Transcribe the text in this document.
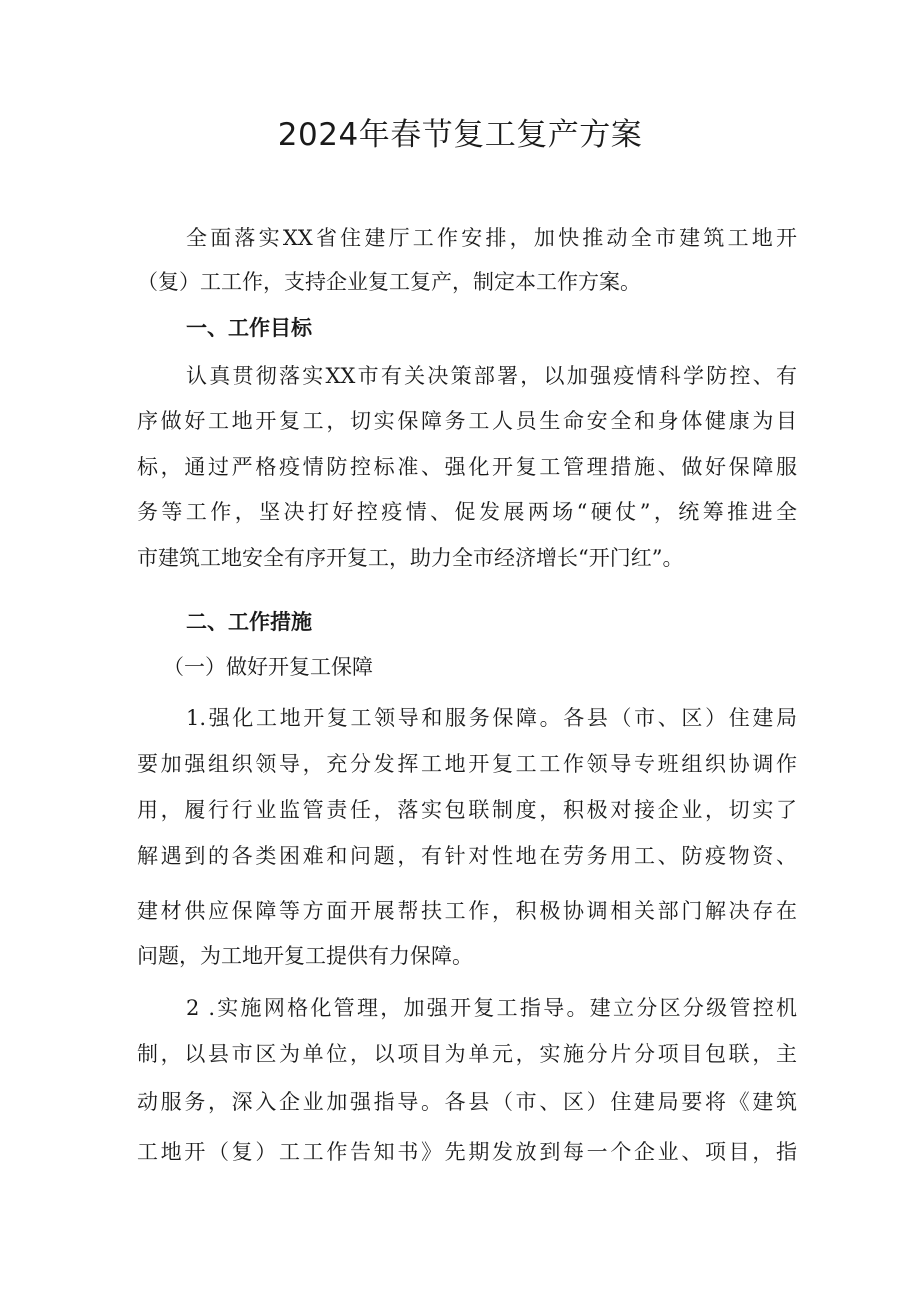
2024年春节复工复产方案
全面落实XX省住建厅工作安排，加快推动全市建筑工地开
（复）工工作，支持企业复工复产，制定本工作方案。
一、工作目标
认真贯彻落实XX市有关决策部署，以加强疫情科学防控、有
序做好工地开复工，切实保障务工人员生命安全和身体健康为目
标，通过严格疫情防控标准、强化开复工管理措施、做好保障服
务等工作，坚决打好控疫情、促发展两场“硬仗”，统筹推进全
市建筑工地安全有序开复工，助力全市经济增长“开门红”。
二、工作措施
（一）做好开复工保障
1.强化工地开复工领导和服务保障。各县（市、区）住建局
要加强组织领导，充分发挥工地开复工工作领导专班组织协调作
用，履行行业监管责任，落实包联制度，积极对接企业，切实了
解遇到的各类困难和问题，有针对性地在劳务用工、防疫物资、
建材供应保障等方面开展帮扶工作，积极协调相关部门解决存在
问题，为工地开复工提供有力保障。
2 .实施网格化管理，加强开复工指导。建立分区分级管控机
制，以县市区为单位，以项目为单元，实施分片分项目包联，主
动服务，深入企业加强指导。各县（市、区）住建局要将《建筑
工地开（复）工工作告知书》先期发放到每一个企业、项目，指
